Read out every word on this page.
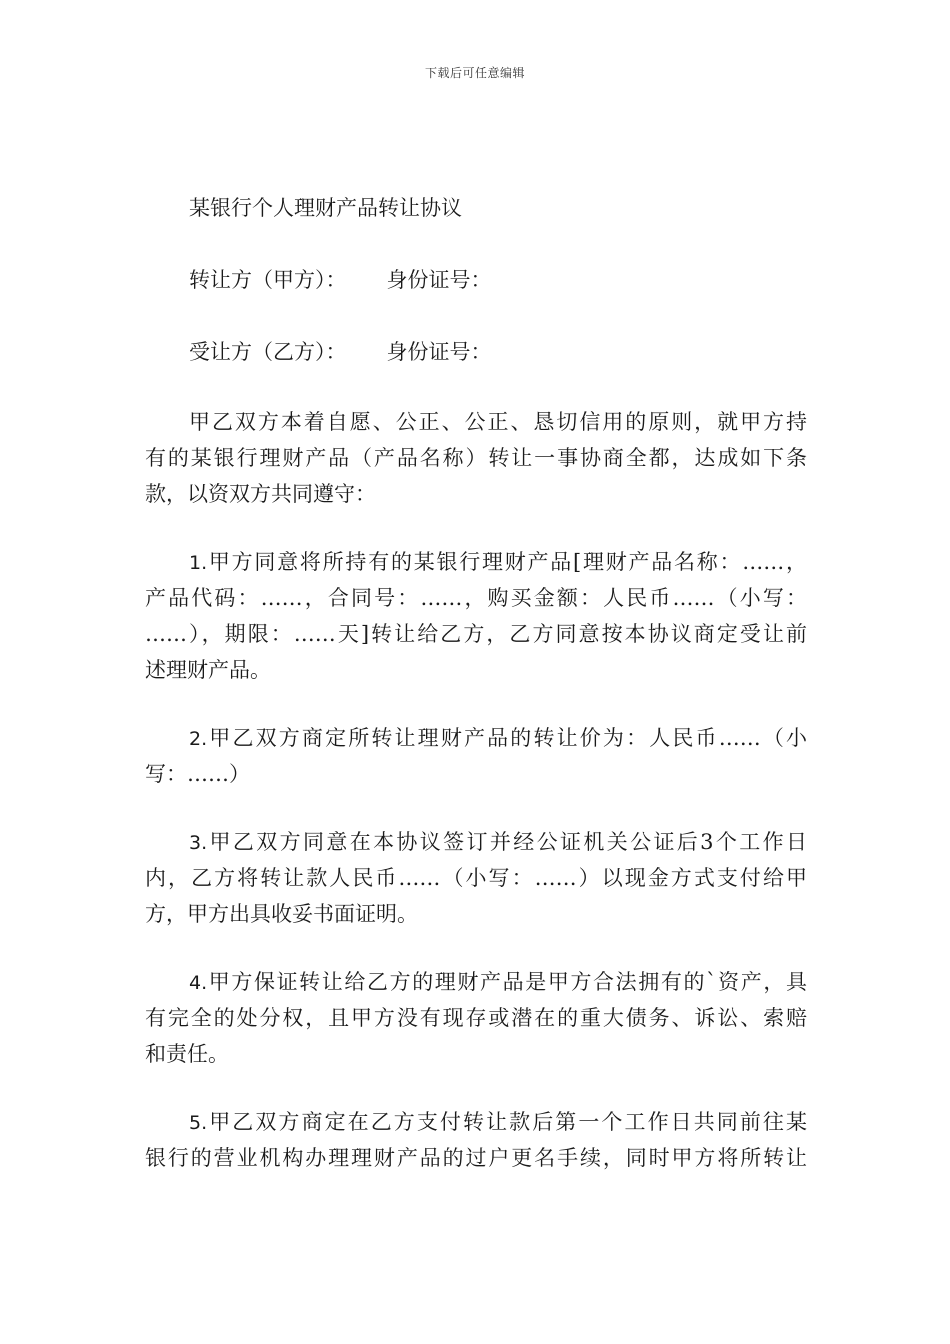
下载后可任意编辑

某银行个人理财产品转让协议

转让方（甲方）： 身份证号：

受让方（乙方）： 身份证号：

甲乙双方本着自愿、公正、公正、恳切信用的原则，就甲方持
有的某银行理财产品（产品名称）转让一事协商全都，达成如下条
款，以资双方共同遵守：
1.甲方同意将所持有的某银行理财产品[理财产品名称：……，
产品代码：……，合同号：……，购买金额：人民币……（小写：
……），期限：……天]转让给乙方，乙方同意按本协议商定受让前
述理财产品。
2.甲乙双方商定所转让理财产品的转让价为：人民币……（小
写：……）
3.甲乙双方同意在本协议签订并经公证机关公证后3个工作日
内，乙方将转让款人民币……（小写：……）以现金方式支付给甲
方，甲方出具收妥书面证明。
4.甲方保证转让给乙方的理财产品是甲方合法拥有的`资产，具
有完全的处分权，且甲方没有现存或潜在的重大债务、诉讼、索赔
和责任。
5.甲乙双方商定在乙方支付转让款后第一个工作日共同前往某
银行的营业机构办理理财产品的过户更名手续，同时甲方将所转让
